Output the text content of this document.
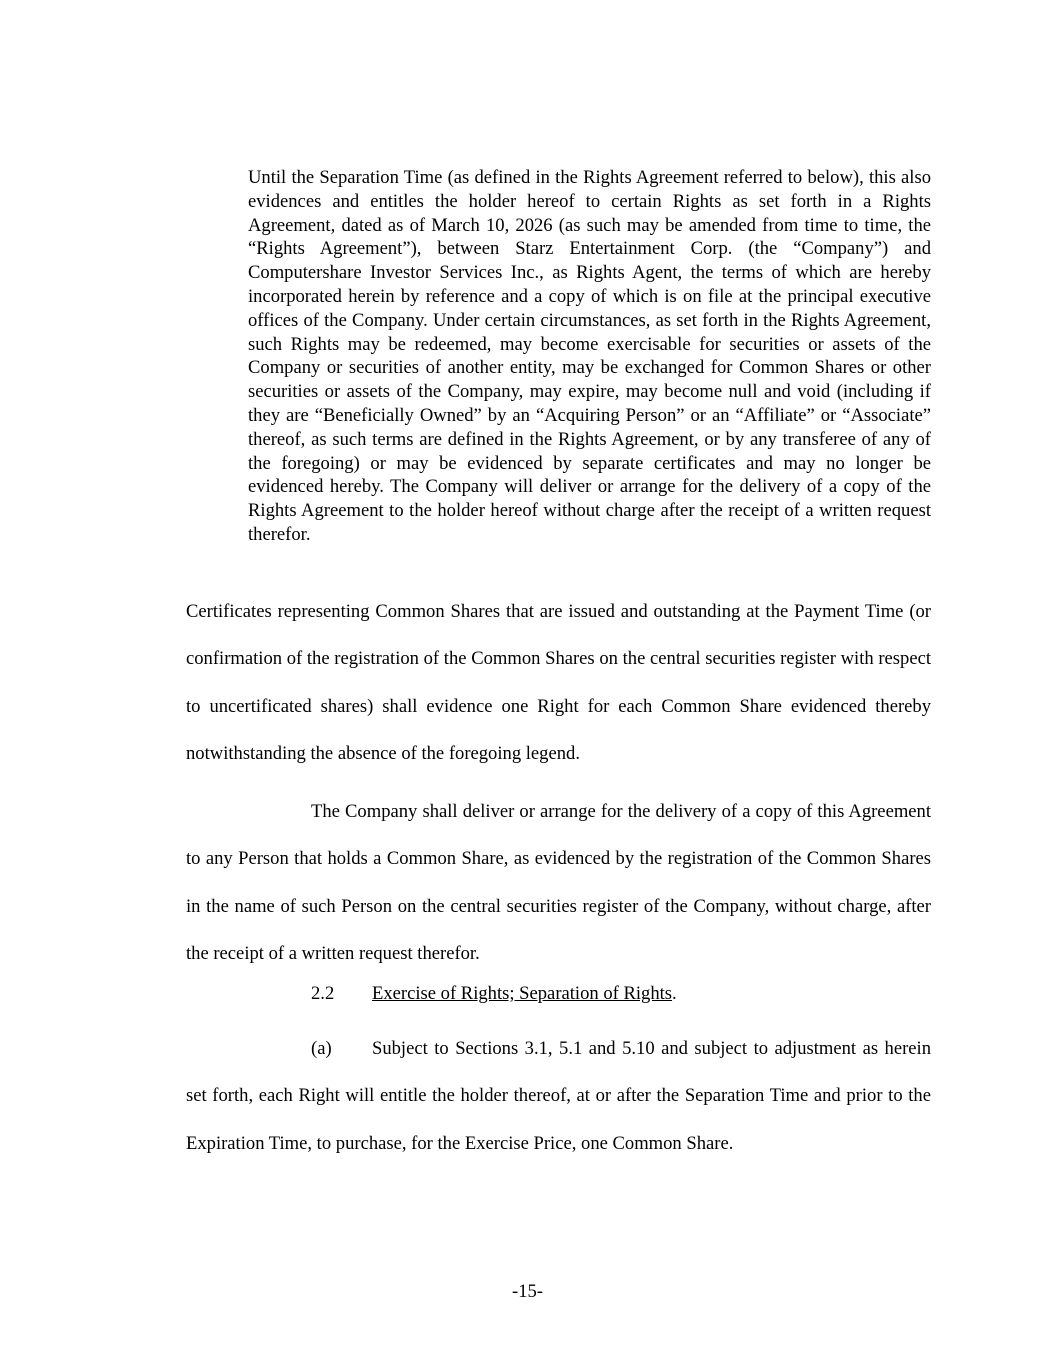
Until the Separation Time (as defined in the Rights Agreement referred to below), this also evidences and entitles the holder hereof to certain Rights as set forth in a Rights Agreement, dated as of March 10, 2026 (as such may be amended from time to time, the “Rights Agreement”), between Starz Entertainment Corp. (the “Company”) and Computershare Investor Services Inc., as Rights Agent, the terms of which are hereby incorporated herein by reference and a copy of which is on file at the principal executive offices of the Company. Under certain circumstances, as set forth in the Rights Agreement, such Rights may be redeemed, may become exercisable for securities or assets of the Company or securities of another entity, may be exchanged for Common Shares or other securities or assets of the Company, may expire, may become null and void (including if they are “Beneficially Owned” by an “Acquiring Person” or an “Affiliate” or “Associate” thereof, as such terms are defined in the Rights Agreement, or by any transferee of any of the foregoing) or may be evidenced by separate certificates and may no longer be evidenced hereby. The Company will deliver or arrange for the delivery of a copy of the Rights Agreement to the holder hereof without charge after the receipt of a written request therefor.

Certificates representing Common Shares that are issued and outstanding at the Payment Time (or confirmation of the registration of the Common Shares on the central securities register with respect to uncertificated shares) shall evidence one Right for each Common Share evidenced thereby notwithstanding the absence of the foregoing legend.

The Company shall deliver or arrange for the delivery of a copy of this Agreement to any Person that holds a Common Share, as evidenced by the registration of the Common Shares in the name of such Person on the central securities register of the Company, without charge, after the receipt of a written request therefor.

2.2 Exercise of Rights; Separation of Rights.

(a) Subject to Sections 3.1, 5.1 and 5.10 and subject to adjustment as herein set forth, each Right will entitle the holder thereof, at or after the Separation Time and prior to the Expiration Time, to purchase, for the Exercise Price, one Common Share.

-15-
